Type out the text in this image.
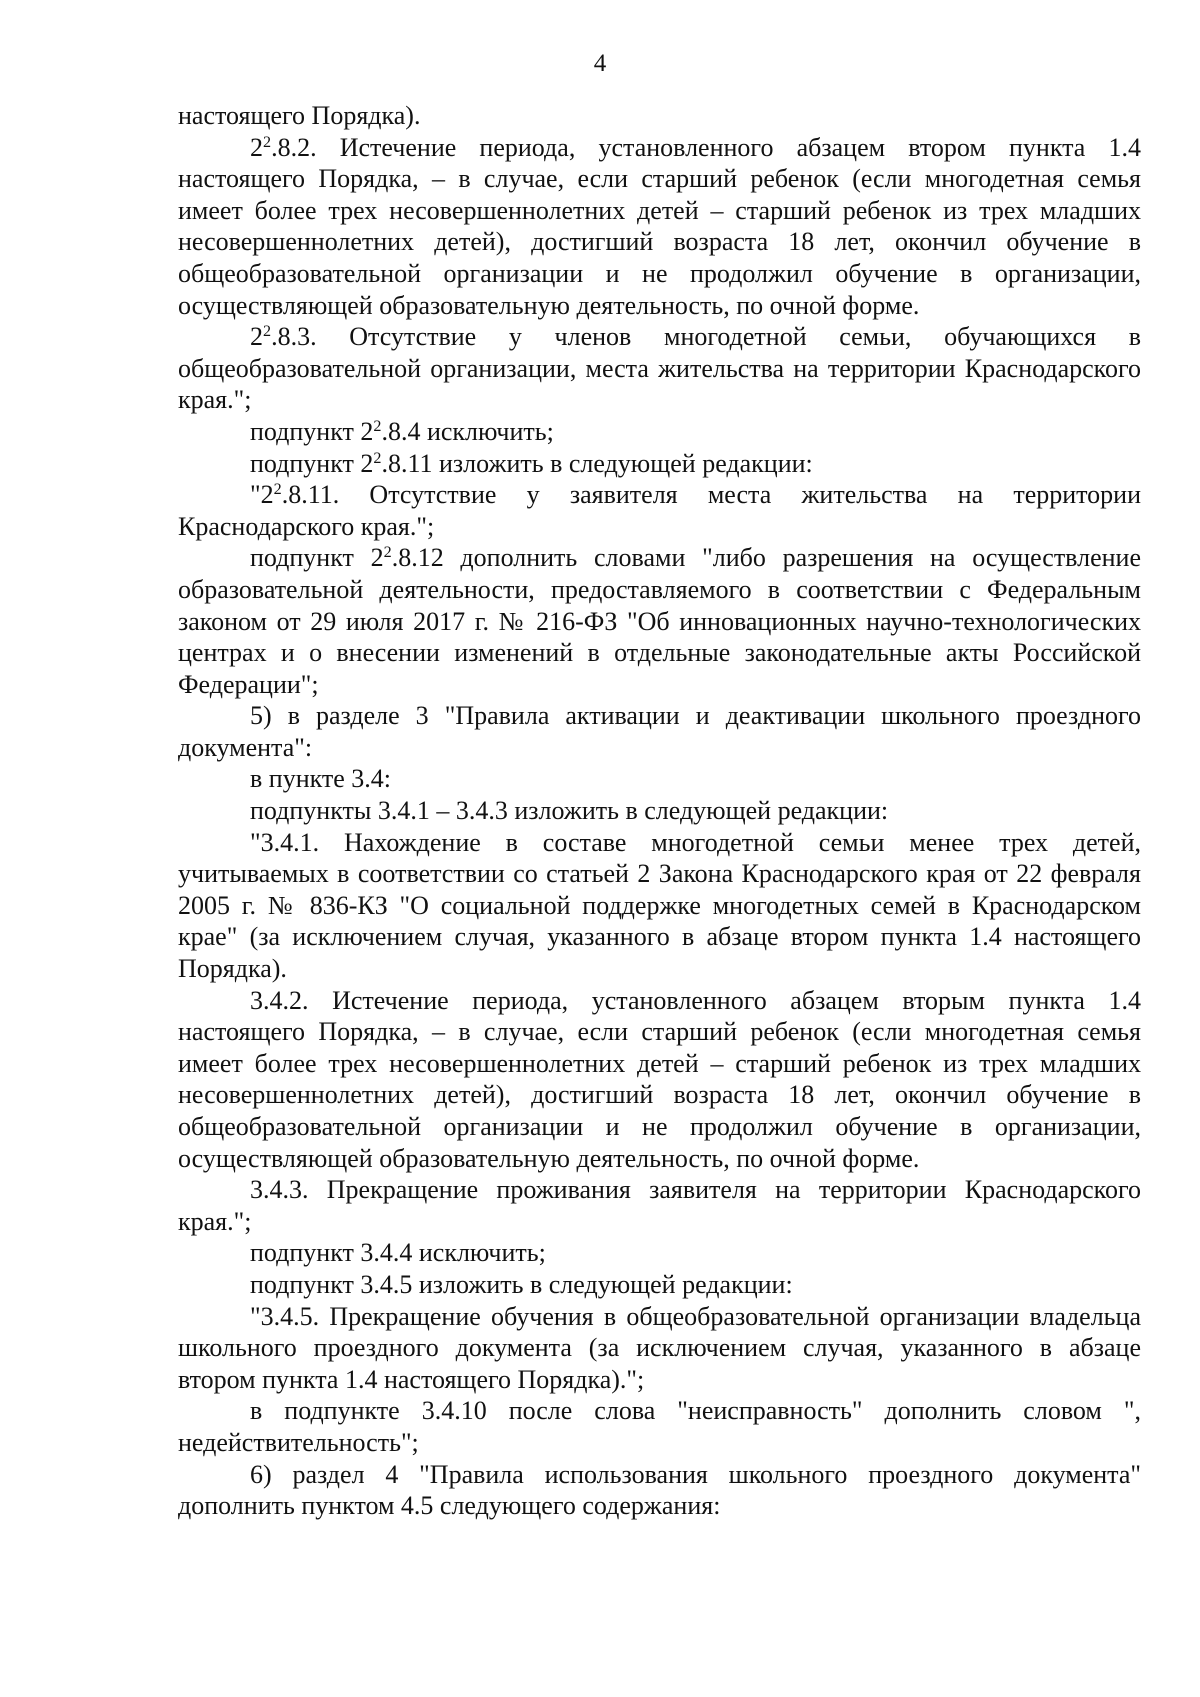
4

настоящего Порядка).

$2^2.8.2$. Истечение периода, установленного абзацем втором пункта 1.4 настоящего Порядка, – в случае, если старший ребенок (если многодетная семья имеет более трех несовершеннолетних детей – старший ребенок из трех младших несовершеннолетних детей), достигший возраста 18 лет, окончил обучение в общеобразовательной организации и не продолжил обучение в организации, осуществляющей образовательную деятельность, по очной форме.

$2^2.8.3$. Отсутствие у членов многодетной семьи, обучающихся в общеобразовательной организации, места жительства на территории Краснодарского края.";

подпункт $2^2.8.4$ исключить;

подпункт $2^2.8.11$ изложить в следующей редакции:

"$2^2.8.11$. Отсутствие у заявителя места жительства на территории Краснодарского края.";

подпункт $2^2.8.12$ дополнить словами "либо разрешения на осуществление образовательной деятельности, предоставляемого в соответствии с Федеральным законом от 29 июля 2017 г. № 216-ФЗ "Об инновационных научно-технологических центрах и о внесении изменений в отдельные законодательные акты Российской Федерации";

5) в разделе 3 "Правила активации и деактивации школьного проездного документа":

в пункте 3.4:

подпункты 3.4.1 – 3.4.3 изложить в следующей редакции:

"3.4.1. Нахождение в составе многодетной семьи менее трех детей, учитываемых в соответствии со статьей 2 Закона Краснодарского края от 22 февраля 2005 г. № 836-КЗ "О социальной поддержке многодетных семей в Краснодарском крае" (за исключением случая, указанного в абзаце втором пункта 1.4 настоящего Порядка).

3.4.2. Истечение периода, установленного абзацем вторым пункта 1.4 настоящего Порядка, – в случае, если старший ребенок (если многодетная семья имеет более трех несовершеннолетних детей – старший ребенок из трех младших несовершеннолетних детей), достигший возраста 18 лет, окончил обучение в общеобразовательной организации и не продолжил обучение в организации, осуществляющей образовательную деятельность, по очной форме.

3.4.3. Прекращение проживания заявителя на территории Краснодарского края.";

подпункт 3.4.4 исключить;

подпункт 3.4.5 изложить в следующей редакции:

"3.4.5. Прекращение обучения в общеобразовательной организации владельца школьного проездного документа (за исключением случая, указанного в абзаце втором пункта 1.4 настоящего Порядка).";

в подпункте 3.4.10 после слова "неисправность" дополнить словом ", недействительность";

6) раздел 4 "Правила использования школьного проездного документа" дополнить пунктом 4.5 следующего содержания:
